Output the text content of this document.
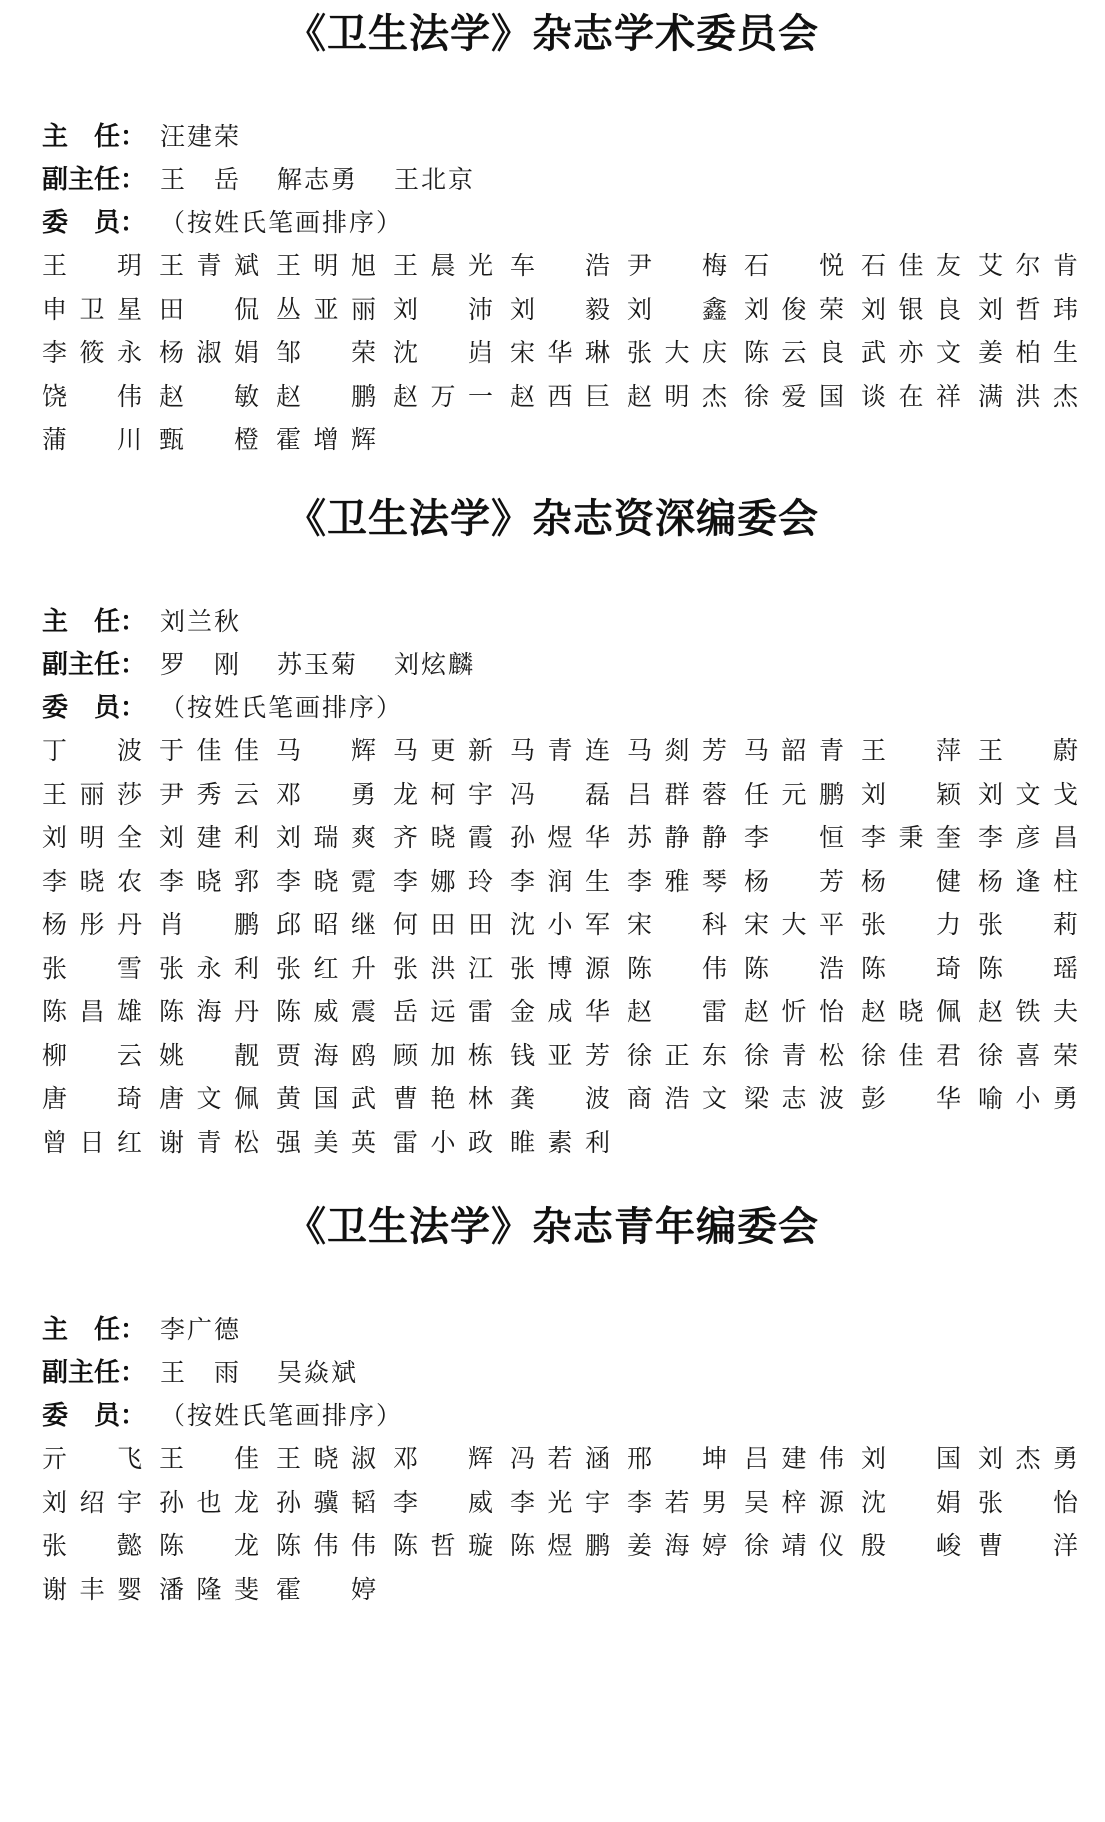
《卫生法学》杂志学术委员会
主　任： 汪建荣
副主任： 王　岳 解志勇 王北京
委　员： （按姓氏笔画排序）
王　玥 王青斌 王明旭 王晨光 车　浩 尹　梅 石　悦 石佳友 艾尔肯
申卫星 田　侃 丛亚丽 刘　沛 刘　毅 刘　鑫 刘俊荣 刘银良 刘哲玮
李筱永 杨淑娟 邹　荣 沈　岿 宋华琳 张大庆 陈云良 武亦文 姜柏生
饶　伟 赵　敏 赵　鹏 赵万一 赵西巨 赵明杰 徐爱国 谈在祥 满洪杰
蒲　川 甄　橙 霍增辉
《卫生法学》杂志资深编委会
主　任： 刘兰秋
副主任： 罗　刚 苏玉菊 刘炫麟
委　员： （按姓氏笔画排序）
丁　波 于佳佳 马　辉 马更新 马青连 马剡芳 马韶青 王　萍 王　蔚
王丽莎 尹秀云 邓　勇 龙柯宇 冯　磊 吕群蓉 任元鹏 刘　颖 刘文戈
刘明全 刘建利 刘瑞爽 齐晓霞 孙煜华 苏静静 李　恒 李秉奎 李彦昌
李晓农 李晓郛 李晓霓 李娜玲 李润生 李雅琴 杨　芳 杨　健 杨逢柱
杨彤丹 肖　鹏 邱昭继 何田田 沈小军 宋　科 宋大平 张　力 张　莉
张　雪 张永利 张红升 张洪江 张博源 陈　伟 陈　浩 陈　琦 陈　瑶
陈昌雄 陈海丹 陈威震 岳远雷 金成华 赵　雷 赵忻怡 赵晓佩 赵铁夫
柳　云 姚　靓 贾海鸥 顾加栋 钱亚芳 徐正东 徐青松 徐佳君 徐喜荣
唐　琦 唐文佩 黄国武 曹艳林 龚　波 商浩文 梁志波 彭　华 喻小勇
曾日红 谢青松 强美英 雷小政 睢素利
《卫生法学》杂志青年编委会
主　任： 李广德
副主任： 王　雨 吴焱斌
委　员： （按姓氏笔画排序）
亓　飞 王　佳 王晓淑 邓　辉 冯若涵 邢　坤 吕建伟 刘　国 刘杰勇
刘绍宇 孙也龙 孙骥韬 李　威 李光宇 李若男 吴梓源 沈　娟 张　怡
张　懿 陈　龙 陈伟伟 陈哲璇 陈煜鹏 姜海婷 徐靖仪 殷　峻 曹　洋
谢丰婴 潘隆斐 霍　婷
